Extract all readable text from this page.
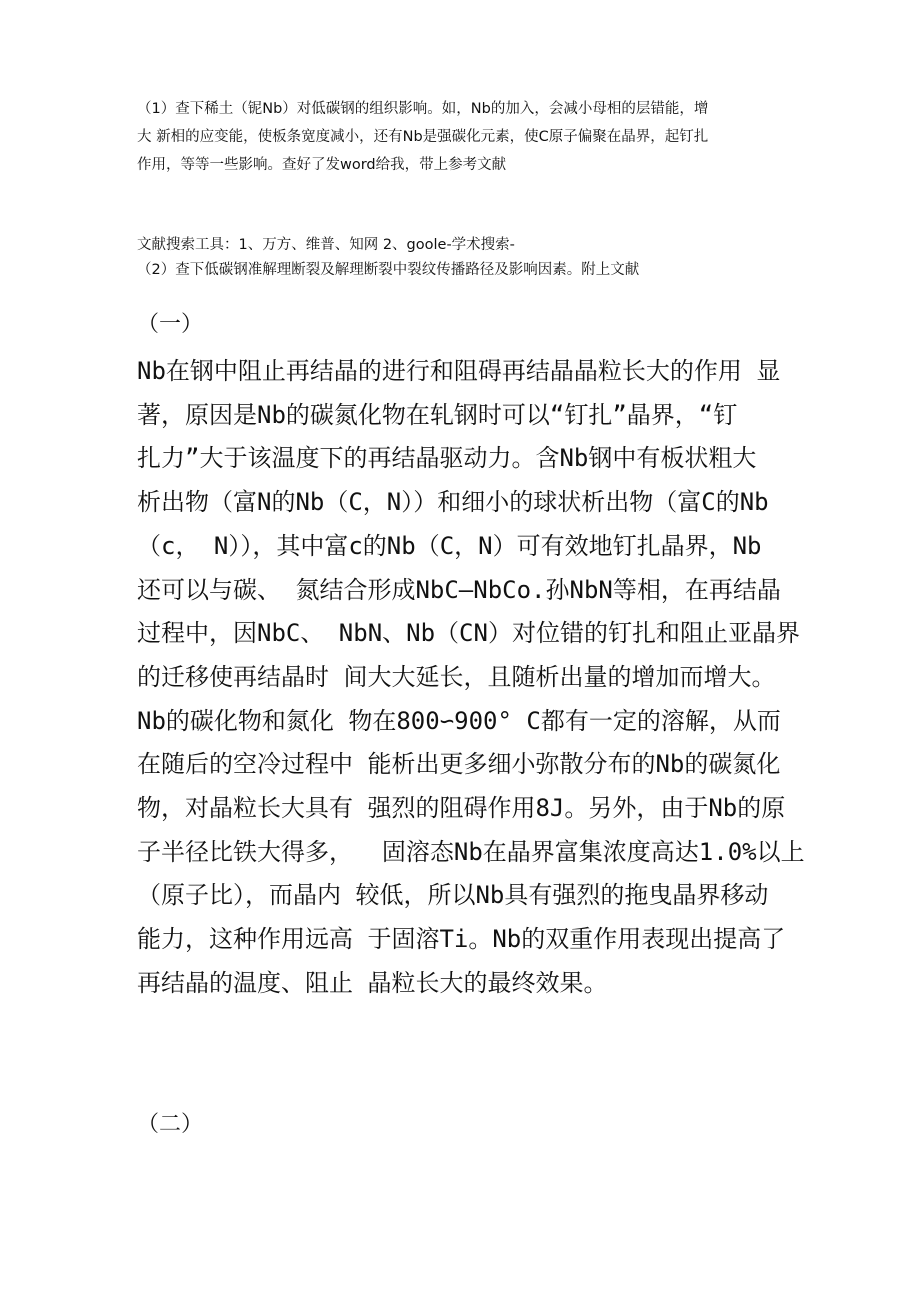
（1）查下稀土（铌Nb）对低碳钢的组织影响。如，Nb的加入，会减小母相的层错能，增
大 新相的应变能，使板条宽度减小，还有Nb是强碳化元素，使C原子偏聚在晶界，起钉扎
作用，等等一些影响。查好了发word给我，带上参考文献
文献搜索工具：1、万方、维普、知网 2、goole-学术搜索-
（2）查下低碳钢准解理断裂及解理断裂中裂纹传播路径及影响因素。附上文献
（一）
Nb在钢中阻止再结晶的进行和阻碍再结晶晶粒长大的作用 显
著，原因是Nb的碳氮化物在轧钢时可以“钉扎”晶界，“钉
扎力”大于该温度下的再结晶驱动力。含Nb钢中有板状粗大
析出物（富N的Nb（C，N））和细小的球状析出物（富C的Nb
（c， N）），其中富c的Nb（C，N）可有效地钉扎晶界，Nb
还可以与碳、 氮结合形成NbC—NbCo.孙NbN等相，在再结晶
过程中，因NbC、 NbN、Nb（CN）对位错的钉扎和阻止亚晶界
的迁移使再结晶时 间大大延长，且随析出量的增加而增大。
Nb的碳化物和氮化 物在800∽900° C都有一定的溶解，从而
在随后的空冷过程中 能析出更多细小弥散分布的Nb的碳氮化
物，对晶粒长大具有 强烈的阻碍作用8J。另外，由于Nb的原
子半径比铁大得多，  固溶态Nb在晶界富集浓度高达1.0%以上
（原子比），而晶内 较低，所以Nb具有强烈的拖曳晶界移动
能力，这种作用远高 于固溶Ti。Nb的双重作用表现出提高了
再结晶的温度、阻止 晶粒长大的最终效果。
（二）
